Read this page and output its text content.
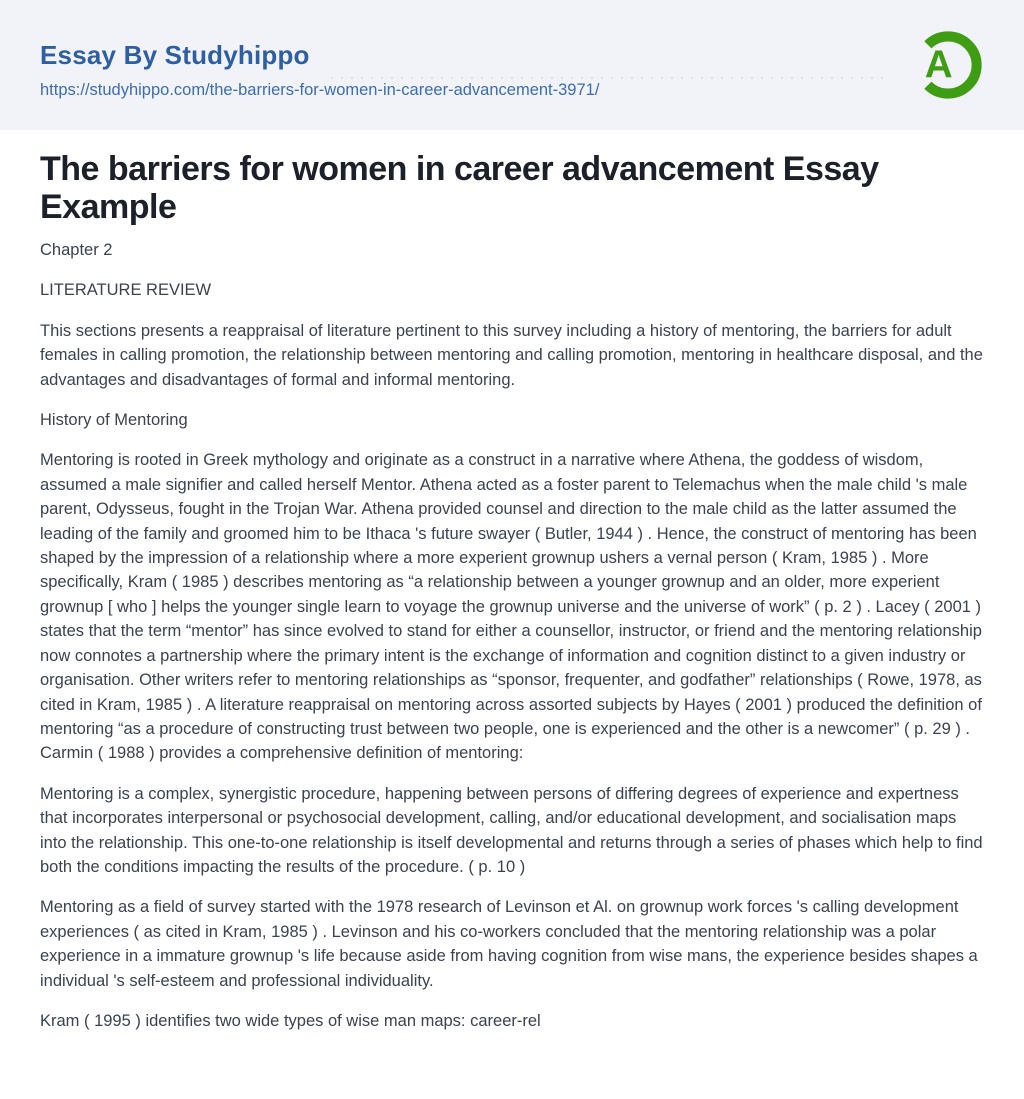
Essay By Studyhippo
https://studyhippo.com/the-barriers-for-women-in-career-advancement-3971/
A
The barriers for women in career advancement Essay Example

Chapter 2

LITERATURE REVIEW

This sections presents a reappraisal of literature pertinent to this survey including a history of mentoring, the barriers for adult females in calling promotion, the relationship between mentoring and calling promotion, mentoring in healthcare disposal, and the advantages and disadvantages of formal and informal mentoring.

History of Mentoring

Mentoring is rooted in Greek mythology and originate as a construct in a narrative where Athena, the goddess of wisdom, assumed a male signifier and called herself Mentor. Athena acted as a foster parent to Telemachus when the male child 's male parent, Odysseus, fought in the Trojan War. Athena provided counsel and direction to the male child as the latter assumed the leading of the family and groomed him to be Ithaca 's future swayer ( Butler, 1944 ) . Hence, the construct of mentoring has been shaped by the impression of a relationship where a more experient grownup ushers a vernal person ( Kram, 1985 ) . More specifically, Kram ( 1985 ) describes mentoring as “a relationship between a younger grownup and an older, more experient grownup [ who ] helps the younger single learn to voyage the grownup universe and the universe of work” ( p. 2 ) . Lacey ( 2001 ) states that the term “mentor” has since evolved to stand for either a counsellor, instructor, or friend and the mentoring relationship now connotes a partnership where the primary intent is the exchange of information and cognition distinct to a given industry or organisation. Other writers refer to mentoring relationships as “sponsor, frequenter, and godfather” relationships ( Rowe, 1978, as cited in Kram, 1985 ) . A literature reappraisal on mentoring across assorted subjects by Hayes ( 2001 ) produced the definition of mentoring “as a procedure of constructing trust between two people, one is experienced and the other is a newcomer” ( p. 29 ) . Carmin ( 1988 ) provides a comprehensive definition of mentoring:

Mentoring is a complex, synergistic procedure, happening between persons of differing degrees of experience and expertness that incorporates interpersonal or psychosocial development, calling, and/or educational development, and socialisation maps into the relationship. This one-to-one relationship is itself developmental and returns through a series of phases which help to find both the conditions impacting the results of the procedure. ( p. 10 )

Mentoring as a field of survey started with the 1978 research of Levinson et Al. on grownup work forces 's calling development experiences ( as cited in Kram, 1985 ) . Levinson and his co-workers concluded that the mentoring relationship was a polar experience in a immature grownup 's life because aside from having cognition from wise mans, the experience besides shapes a individual 's self-esteem and professional individuality.

Kram ( 1995 ) identifies two wide types of wise man maps: career-rel
